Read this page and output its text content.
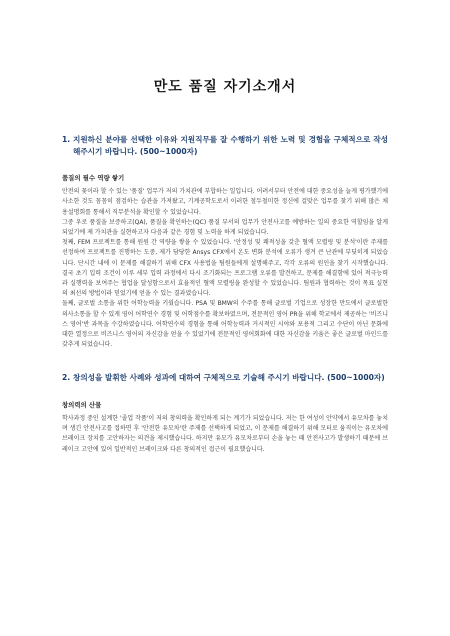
만도 품질 자기소개서
1. 지원하신 분야를 선택한 이유와 지원직무를 잘 수행하기 위한 노력 및 경험을 구체적으로 작성해주시기 바랍니다. (500~1000자)
품질의 필수 역량 쌓기

안전의 꽃이라 할 수 있는 '품질' 업무가 저의 가치관에 부합하는 일입니다. 어려서부터 안전에 대한 중요성을 늘게 평가했기에 사소한 것도 꼼꼼히 점검하는 습관을 가져왔고, 기계공학도로서 이러한 철두철미한 정신에 걸맞은 업무를 찾기 위해 많은 채용설명회를 통해서 직무분석을 확인할 수 있었습니다.

그중 우로 품질을 보증하고(QA), 품질을 확인하는(QC) 품질 부서의 업무가 안전사고를 예방하는 일의 중요한 역할임을 알게 되었기에 제 가치관을 실현하고자 다음과 같은 경험 및 노력을 하게 되었습니다.

첫째, FEM 프로젝트를 통해 원원 간 역량을 쌓을 수 있었습니다. '안정성 및 쾌적성을 갖춘 혈액 모렬링 및 분석'이란 주제를 선정하여 프로젝트를 진행하는 도중, 제가 담당한 Ansys CFX에서 온도 변화 분석에 오류가 생겨 큰 난관에 부딪히게 되었습니다. 단시간 내에 이 문제를 해결하기 위해 CFX 사용법을 팀원들에게 설명해주고, 각각 오류의 원인을 찾기 시작했습니다. 결국 초기 입력 조건이 이루 세부 입력 과정에서 다시 조기화되는 프로그램 오류를 발견하고, 문제를 해결함에 있어 적극능력과 실행력을 보여주는 협업을 달성함으로서 효율적인 혈액 모렬링을 완성할 수 있었습니다. 팀원과 협력하는 것이 목표 실현의 최선의 방법이라 믿었기에 얻을 수 있는 결과였습니다.

둘째, 글로벌 소통을 위한 어학능력을 키웠습니다. PSA 및 BMW의 수주를 통해 글로벌 기업으로 성장한 만도에서 글로벌한 의사소통을 할 수 있게 영어 어학연수 경험 및 어학점수를 확보하였으며, 전문적인 영어 PR을 위해 학교에서 제공하는 '비즈니스 영어'반 과목을 수강하였습니다. 어학연수의 경험을 통해 어학능력과 거시적인 시야와 포용적 그리고 수단이 아닌 문화에 대한 열정으로 비즈니스 영어의 자신감을 얻을 수 있었기에 전문적인 영어회화에 대한 자신감을 키움은 좋은 글로벌 마인드를 갖추게 되었습니다.

2. 창의성을 발휘한 사례와 성과에 대하여 구체적으로 기술해 주시기 바랍니다. (500~1000자)
창의력의 산물

학사과정 중인 설계한 '졸업 작품'이 저의 창의력을 확인하게 되는 계기가 되었습니다. 저는 한 여성이 안약에서 유모차를 놓치며 생긴 안전사고를 접하면 후 '안전한 유모차'란 주제를 선택하게 되었고, 이 문제를 해결하기 위해 모터로 움직이는 유모차에 브레이크 장치를 고안하자는 의견을 제시했습니다. 하지만 유모가 유모차로부터 손을 놓는 때 안전사고가 발생하기 때문에 브레이크 고안에 있어 일반적인 브레이크와 다른 창의적인 접근이 필요했습니다.
